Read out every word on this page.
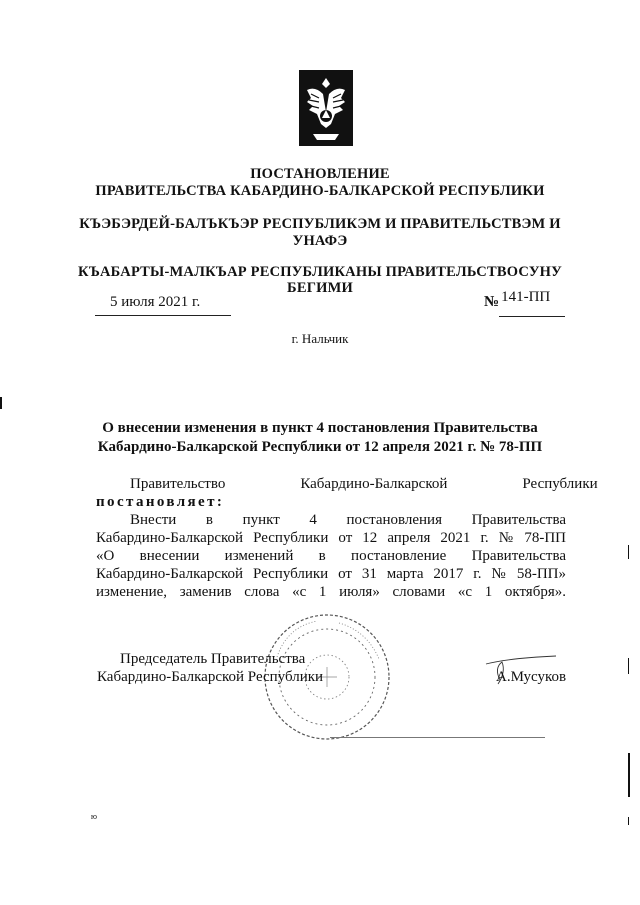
ПОСТАНОВЛЕНИЕ
ПРАВИТЕЛЬСТВА КАБАРДИНО-БАЛКАРСКОЙ РЕСПУБЛИКИ
КЪЭБЭРДЕЙ-БАЛЪКЪЭР РЕСПУБЛИКЭМ И ПРАВИТЕЛЬСТВЭМ И
УНАФЭ
КЪАБАРТЫ-МАЛКЪАР РЕСПУБЛИКАНЫ ПРАВИТЕЛЬСТВОСУНУ
БЕГИМИ
5 июля 2021 г.	№ 141-ПП
г. Нальчик
О внесении изменения в пункт 4 постановления Правительства
Кабардино-Балкарской Республики от 12 апреля 2021 г. № 78-ПП
Правительство                    Кабардино-Балкарской                    Республики
постановляет:
Внести  в  пункт  4  постановления  Правительства
Кабардино-Балкарской  Республики  от  12  апреля  2021  г.  №  78-ПП
«О  внесении  изменений  в  постановление  Правительства
Кабардино-Балкарской  Республики  от  31  марта  2017  г.  №  58-ПП»
изменение,  заменив  слова  «с  1  июля»  словами  «с  1  октября».
Председатель Правительства
Кабардино-Балкарской Республики	А.Мусуков
ю
